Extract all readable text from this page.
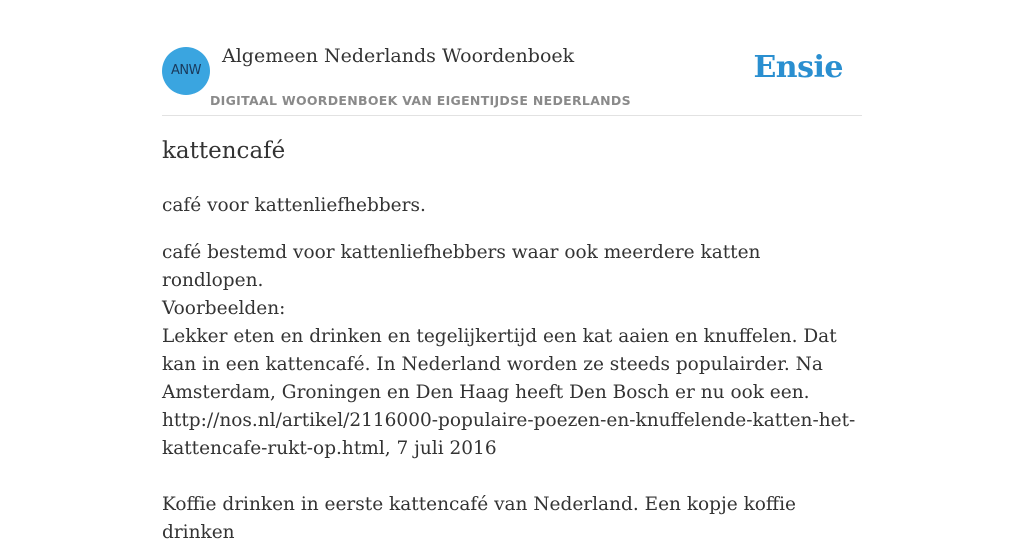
ANW
Algemeen Nederlands Woordenboek
DIGITAAL WOORDENBOEK VAN EIGENTIJDSE NEDERLANDS
Ensie
kattencafé
café voor kattenliefhebbers.
café bestemd voor kattenliefhebbers waar ook meerdere katten rondlopen.

Voorbeelden:

Lekker eten en drinken en tegelijkertijd een kat aaien en knuffelen. Dat kan in een kattencafé. In Nederland worden ze steeds populairder. Na Amsterdam, Groningen en Den Haag heeft Den Bosch er nu ook een.

http://nos.nl/artikel/2116000-populaire-poezen-en-knuffelende-katten-het-kattencafe-rukt-op.html, 7 juli 2016

Koffie drinken in eerste kattencafé van Nederland. Een kopje koffie drinken
